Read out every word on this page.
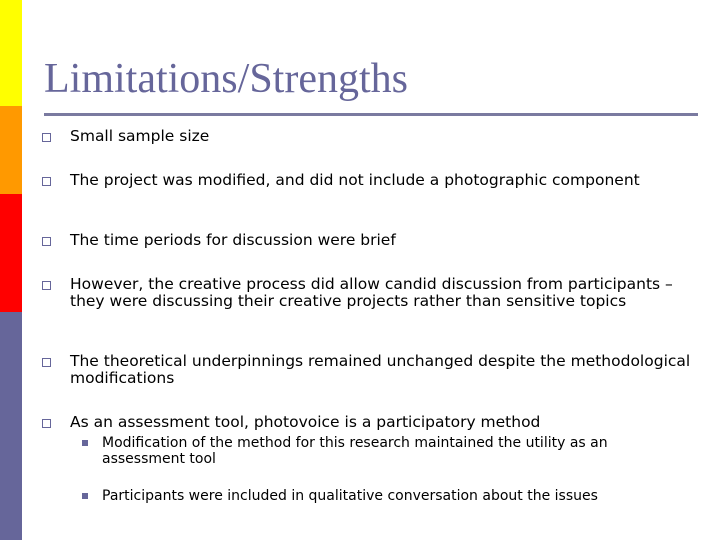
Limitations/Strengths
Small sample size
The project was modified, and did not include a photographic component
The time periods for discussion were brief
However, the creative process did allow candid discussion from participants – they were discussing their creative projects rather than sensitive topics
The theoretical underpinnings remained unchanged despite the methodological modifications
As an assessment tool, photovoice is a participatory method
Modification of the method for this research maintained the utility as an assessment tool
Participants were included in qualitative conversation about the issues
